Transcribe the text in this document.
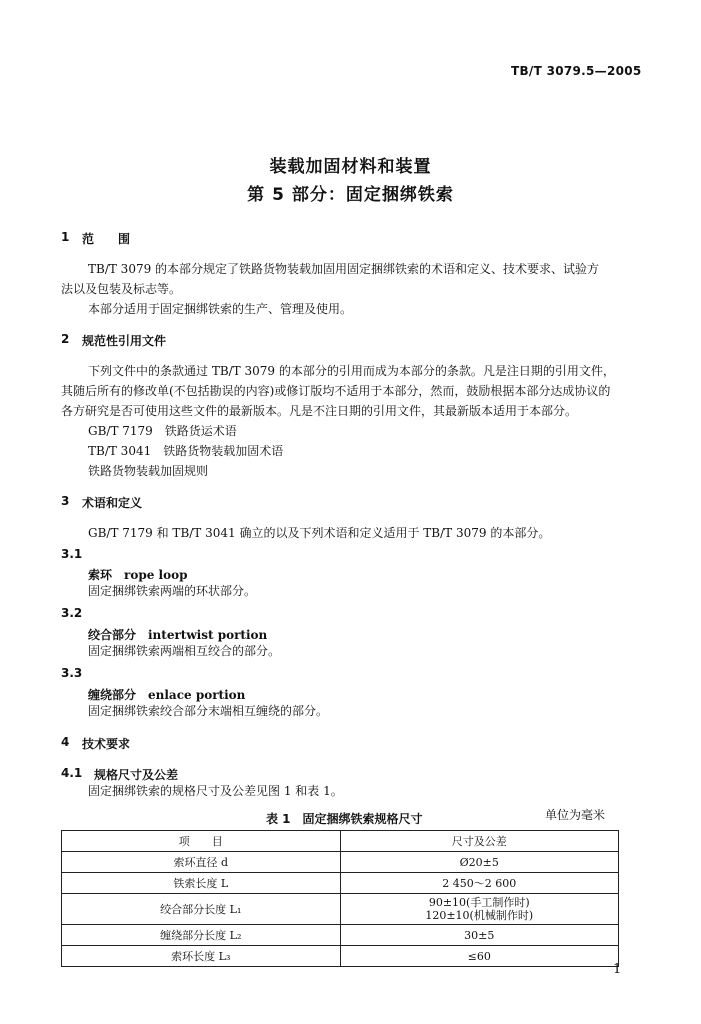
TB/T 3079.5—2005
装载加固材料和装置
第 5 部分：固定捆绑铁索
1 范　　围
TB/T 3079 的本部分规定了铁路货物装载加固用固定捆绑铁索的术语和定义、技术要求、试验方
法以及包装及标志等。
本部分适用于固定捆绑铁索的生产、管理及使用。
2 规范性引用文件
下列文件中的条款通过 TB/T 3079 的本部分的引用而成为本部分的条款。凡是注日期的引用文件，
其随后所有的修改单(不包括勘误的内容)或修订版均不适用于本部分，然而，鼓励根据本部分达成协议的
各方研究是否可使用这些文件的最新版本。凡是不注日期的引用文件，其最新版本适用于本部分。
GB/T 7179　铁路货运术语
TB/T 3041　铁路货物装载加固术语
铁路货物装载加固规则
3 术语和定义
GB/T 7179 和 TB/T 3041 确立的以及下列术语和定义适用于 TB/T 3079 的本部分。
3.1
索环　rope loop
固定捆绑铁索两端的环状部分。
3.2
绞合部分　intertwist portion
固定捆绑铁索两端相互绞合的部分。
3.3
缠绕部分　enlace portion
固定捆绑铁索绞合部分末端相互缠绕的部分。
4 技术要求
4.1 规格尺寸及公差
固定捆绑铁索的规格尺寸及公差见图 1 和表 1。
表 1　固定捆绑铁索规格尺寸	单位为毫米
项　　目	尺寸及公差
索环直径 d	Ø20±5
铁索长度 L	2 450～2 600
绞合部分长度 L₁	90±10(手工制作时)
120±10(机械制作时)

缠绕部分长度 L₂	30±5
索环长度 L₃	≤60
1
